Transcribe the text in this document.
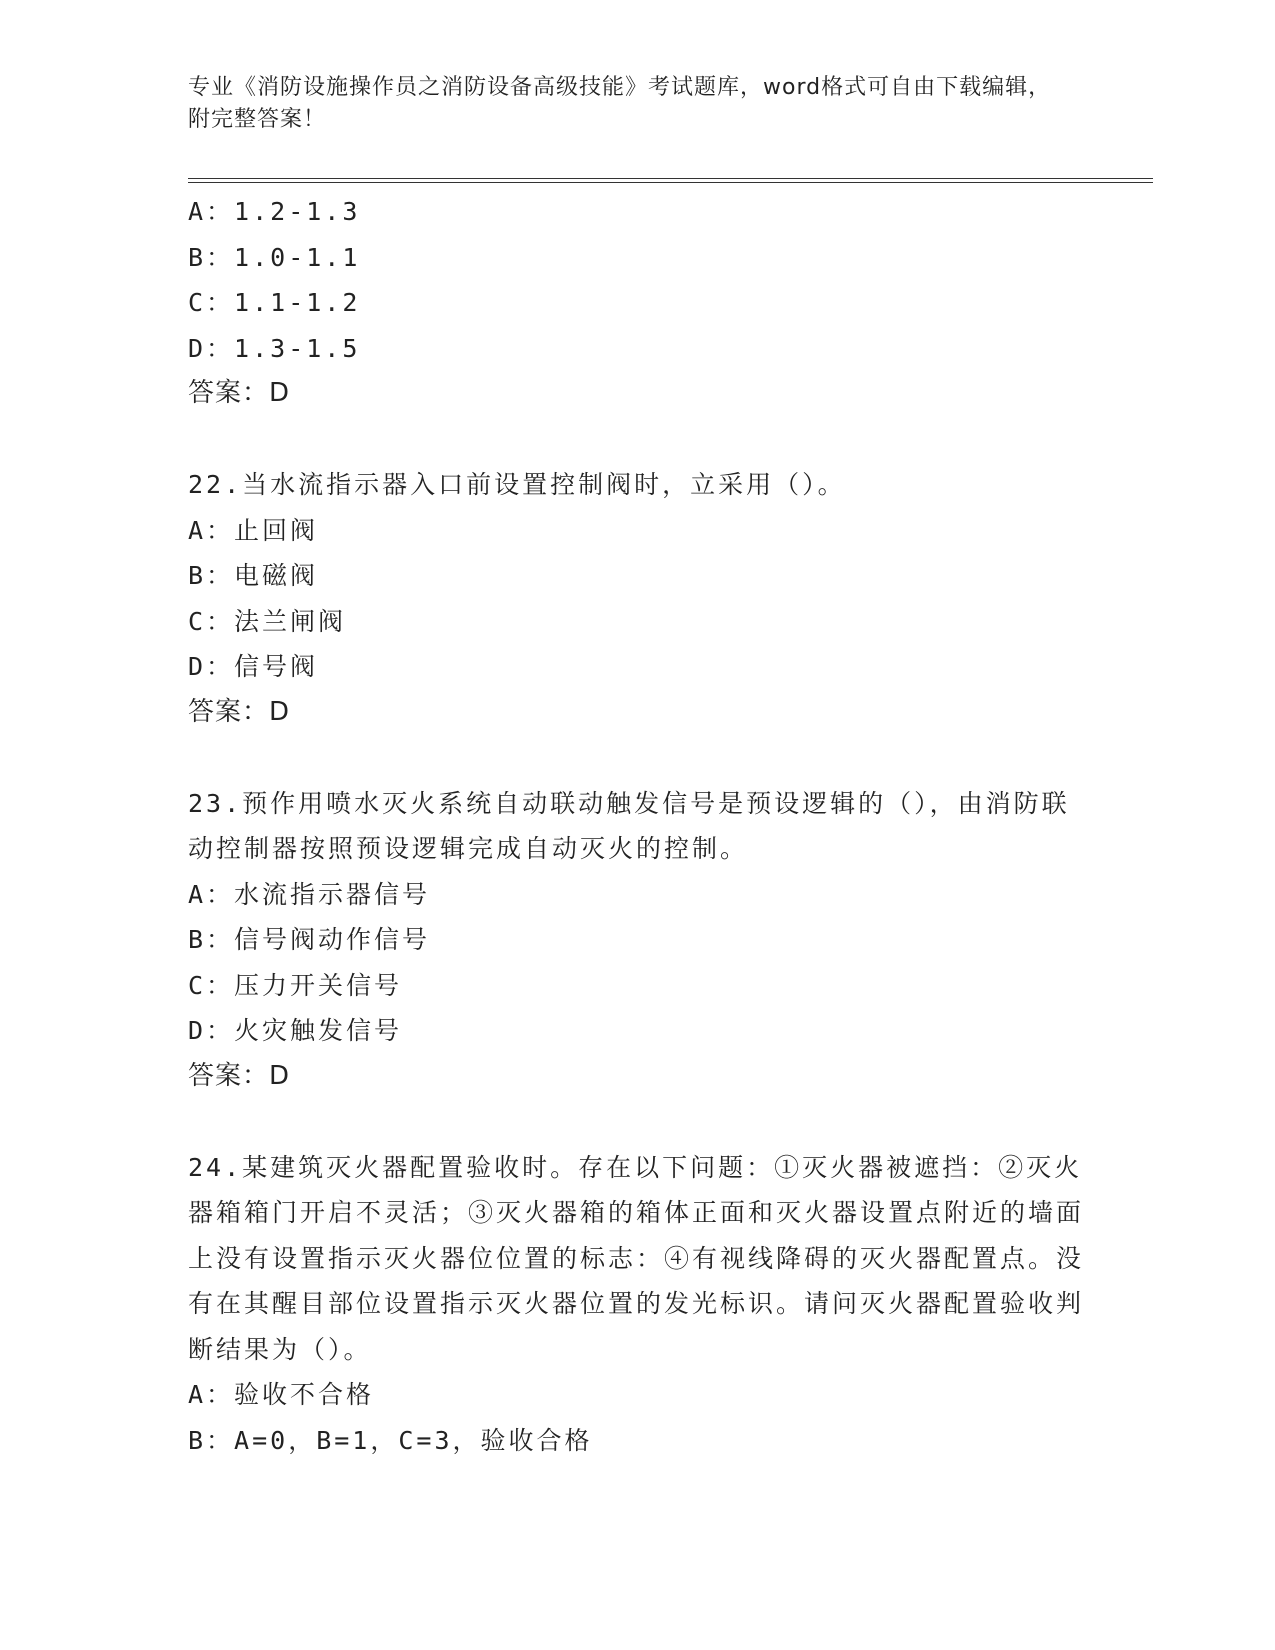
专业《消防设施操作员之消防设备高级技能》考试题库，word格式可自由下载编辑，附完整答案！
A：1.2-1.3
B：1.0-1.1
C：1.1-1.2
D：1.3-1.5
答案：D
22.当水流指示器入口前设置控制阀时，立采用（）。
A：止回阀
B：电磁阀
C：法兰闸阀
D：信号阀
答案：D
23.预作用喷水灭火系统自动联动触发信号是预设逻辑的（），由消防联动控制器按照预设逻辑完成自动灭火的控制。
A：水流指示器信号
B：信号阀动作信号
C：压力开关信号
D：火灾触发信号
答案：D
24.某建筑灭火器配置验收时。存在以下问题：①灭火器被遮挡：②灭火器箱箱门开启不灵活；③灭火器箱的箱体正面和灭火器设置点附近的墙面上没有设置指示灭火器位位置的标志：④有视线降碍的灭火器配置点。没有在其醒目部位设置指示灭火器位置的发光标识。请问灭火器配置验收判断结果为（）。
A：验收不合格
B：A=0，B=1，C=3，验收合格
